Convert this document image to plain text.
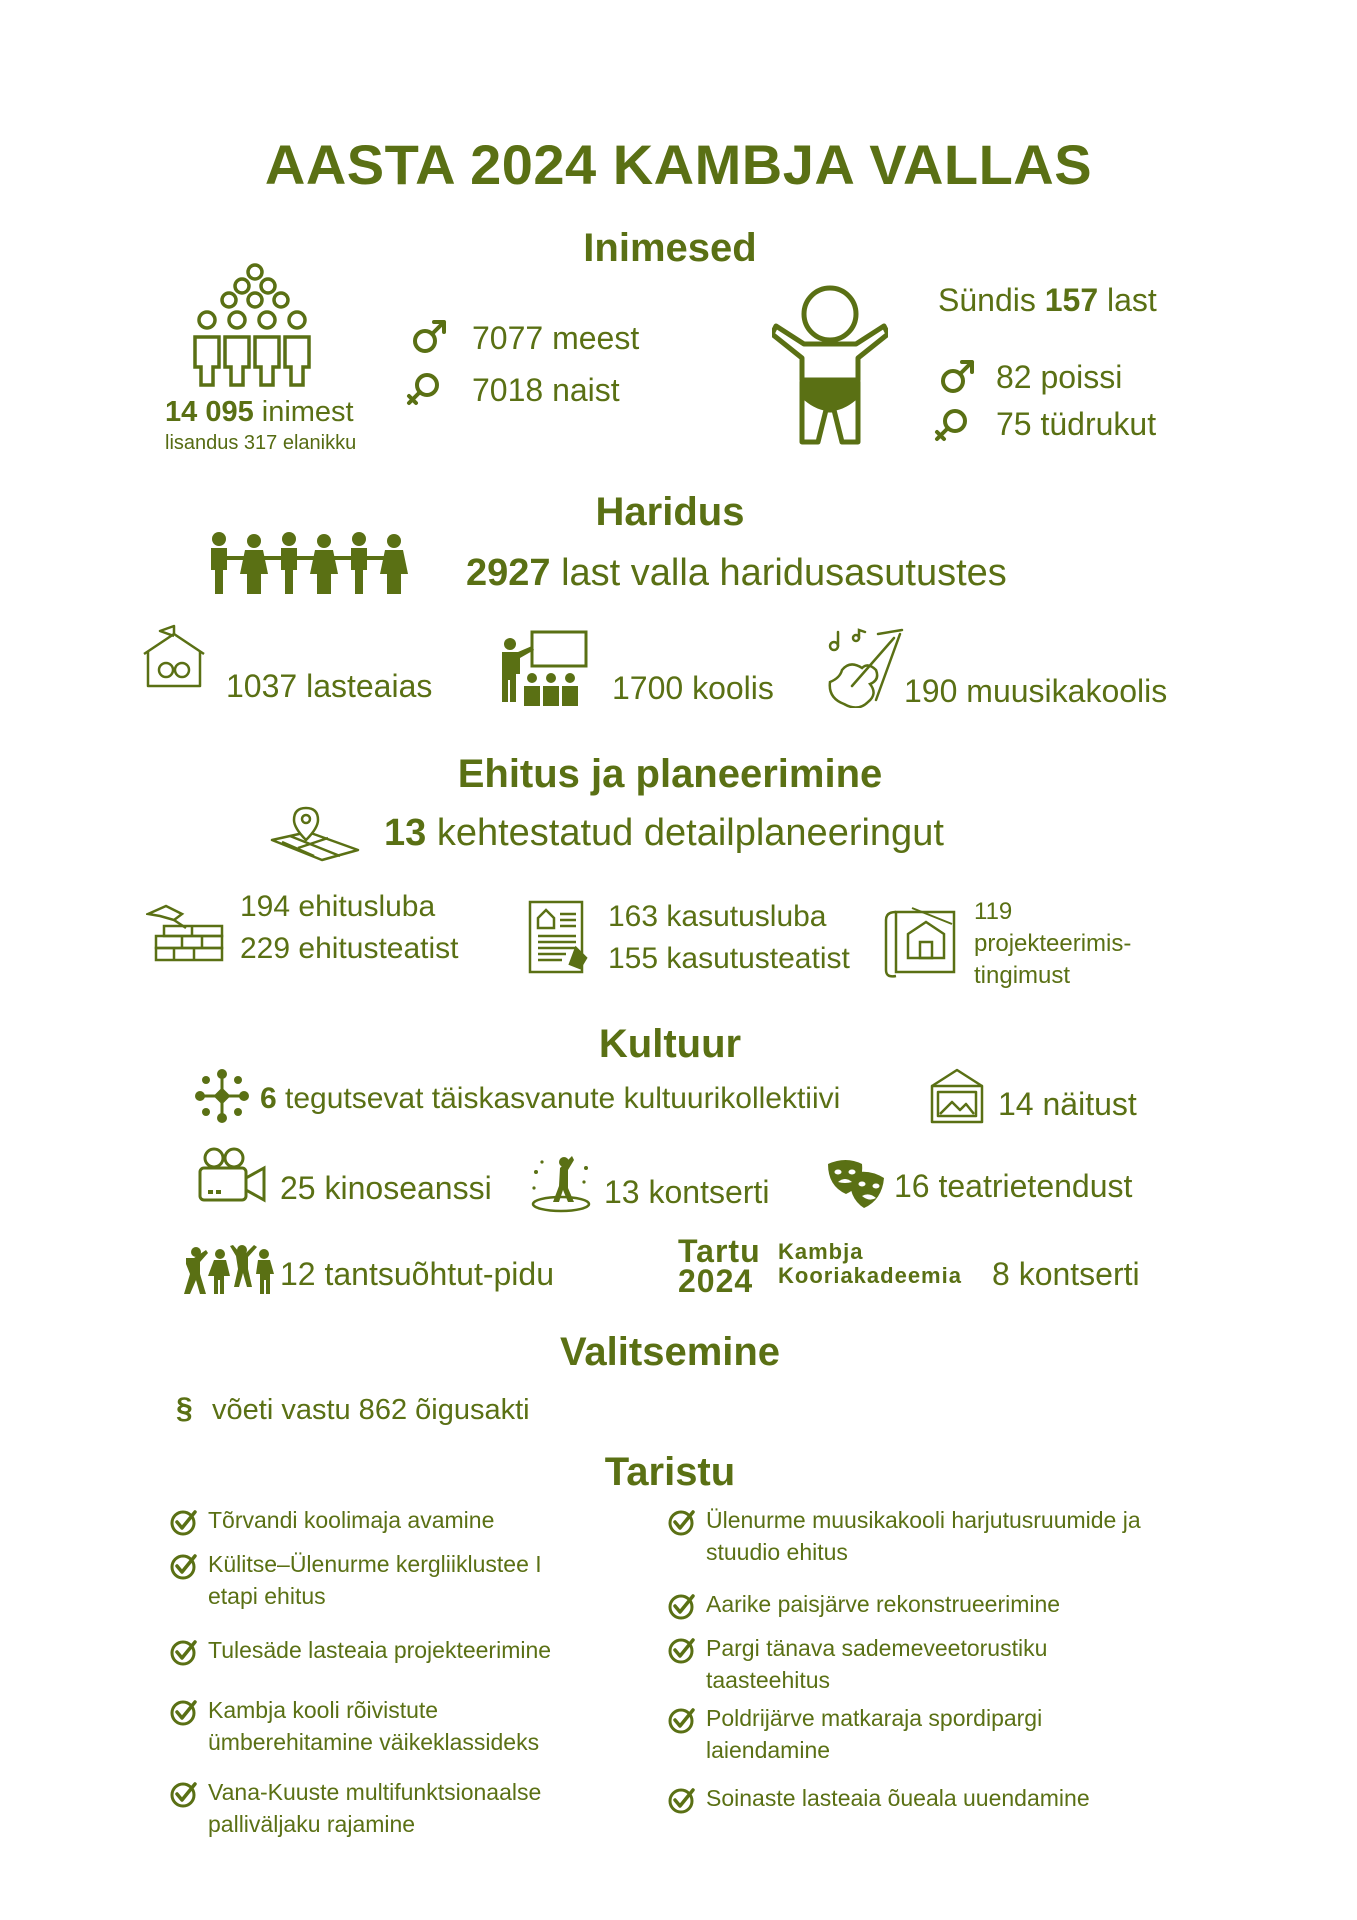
AASTA 2024 KAMBJA VALLAS
Inimesed
14 095 inimest
lisandus 317 elanikku
7077 meest
7018 naist
Sündis 157 last
82 poissi
75 tüdrukut
Haridus
2927 last valla haridusasutustes
1037 lasteaias	1700 koolis	190 muusikakoolis
Ehitus ja planeerimine
13 kehtestatud detailplaneeringut
194 ehitusluba
229 ehitusteatist
163 kasutusluba
155 kasutusteatist
119
projekteerimis-
tingimust
Kultuur
6 tegutsevat täiskasvanute kultuurikollektiivi	14 näitust
25 kinoseanssi	13 kontserti	16 teatrietendust
12 tantsuõhtut-pidu
Tartu
2024
Kambja
Kooriakadeemia 8 kontserti
Valitsemine
§ võeti vastu 862 õigusakti
Taristu
Tõrvandi koolimaja avamine
Külitse–Ülenurme kergliiklustee I
etapi ehitus
Tulesäde lasteaia projekteerimine
Kambja kooli rõivistute
ümberehitamine väikeklassideks
Vana-Kuuste multifunktsionaalse
palliväljaku rajamine
Ülenurme muusikakooli harjutusruumide ja
stuudio ehitus
Aarike paisjärve rekonstrueerimine
Pargi tänava sademeveetorustiku
taasteehitus
Poldrijärve matkaraja spordipargi
laiendamine
Soinaste lasteaia õueala uuendamine
